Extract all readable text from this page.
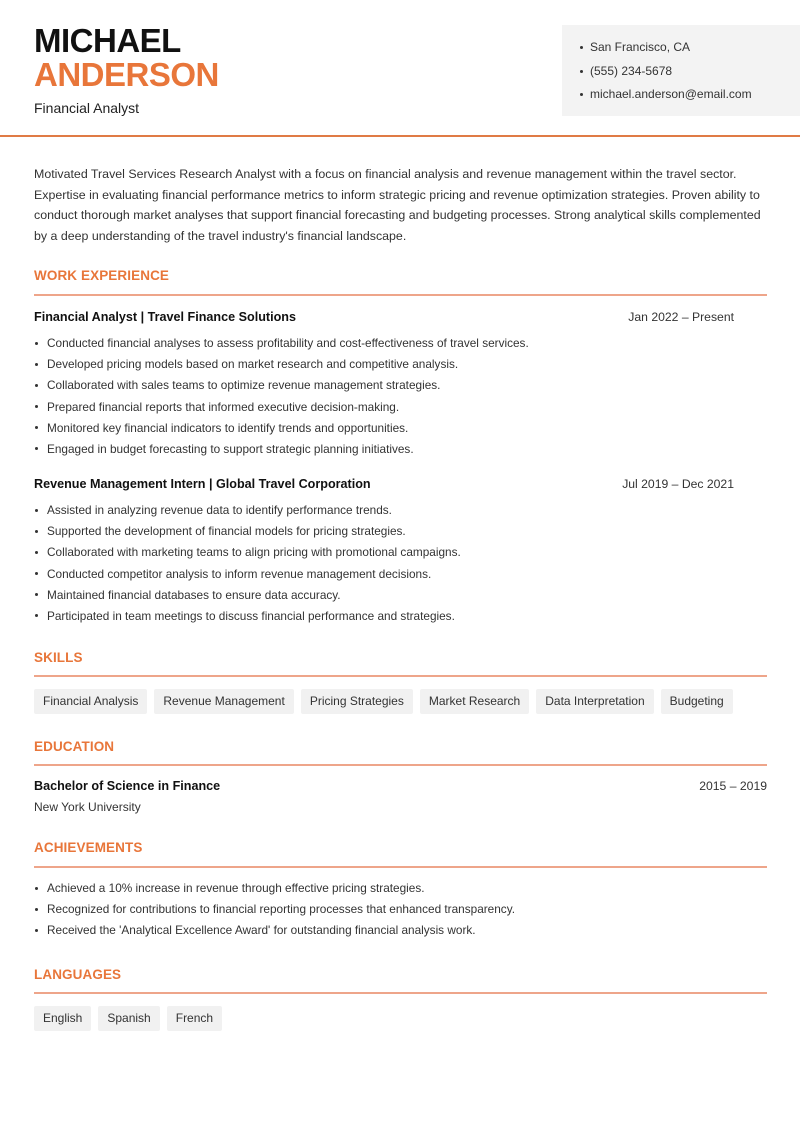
MICHAEL
ANDERSON
Financial Analyst
San Francisco, CA
(555) 234-5678
michael.anderson@email.com
Motivated Travel Services Research Analyst with a focus on financial analysis and revenue management within the travel sector. Expertise in evaluating financial performance metrics to inform strategic pricing and revenue optimization strategies. Proven ability to conduct thorough market analyses that support financial forecasting and budgeting processes. Strong analytical skills complemented by a deep understanding of the travel industry's financial landscape.
WORK EXPERIENCE
Financial Analyst | Travel Finance Solutions	Jan 2022 – Present
Conducted financial analyses to assess profitability and cost-effectiveness of travel services.
Developed pricing models based on market research and competitive analysis.
Collaborated with sales teams to optimize revenue management strategies.
Prepared financial reports that informed executive decision-making.
Monitored key financial indicators to identify trends and opportunities.
Engaged in budget forecasting to support strategic planning initiatives.
Revenue Management Intern | Global Travel Corporation	Jul 2019 – Dec 2021
Assisted in analyzing revenue data to identify performance trends.
Supported the development of financial models for pricing strategies.
Collaborated with marketing teams to align pricing with promotional campaigns.
Conducted competitor analysis to inform revenue management decisions.
Maintained financial databases to ensure data accuracy.
Participated in team meetings to discuss financial performance and strategies.
SKILLS
Financial Analysis	Revenue Management	Pricing Strategies	Market Research	Data Interpretation	Budgeting
EDUCATION
Bachelor of Science in Finance	2015 – 2019
New York University
ACHIEVEMENTS
Achieved a 10% increase in revenue through effective pricing strategies.
Recognized for contributions to financial reporting processes that enhanced transparency.
Received the 'Analytical Excellence Award' for outstanding financial analysis work.
LANGUAGES
English	Spanish	French
